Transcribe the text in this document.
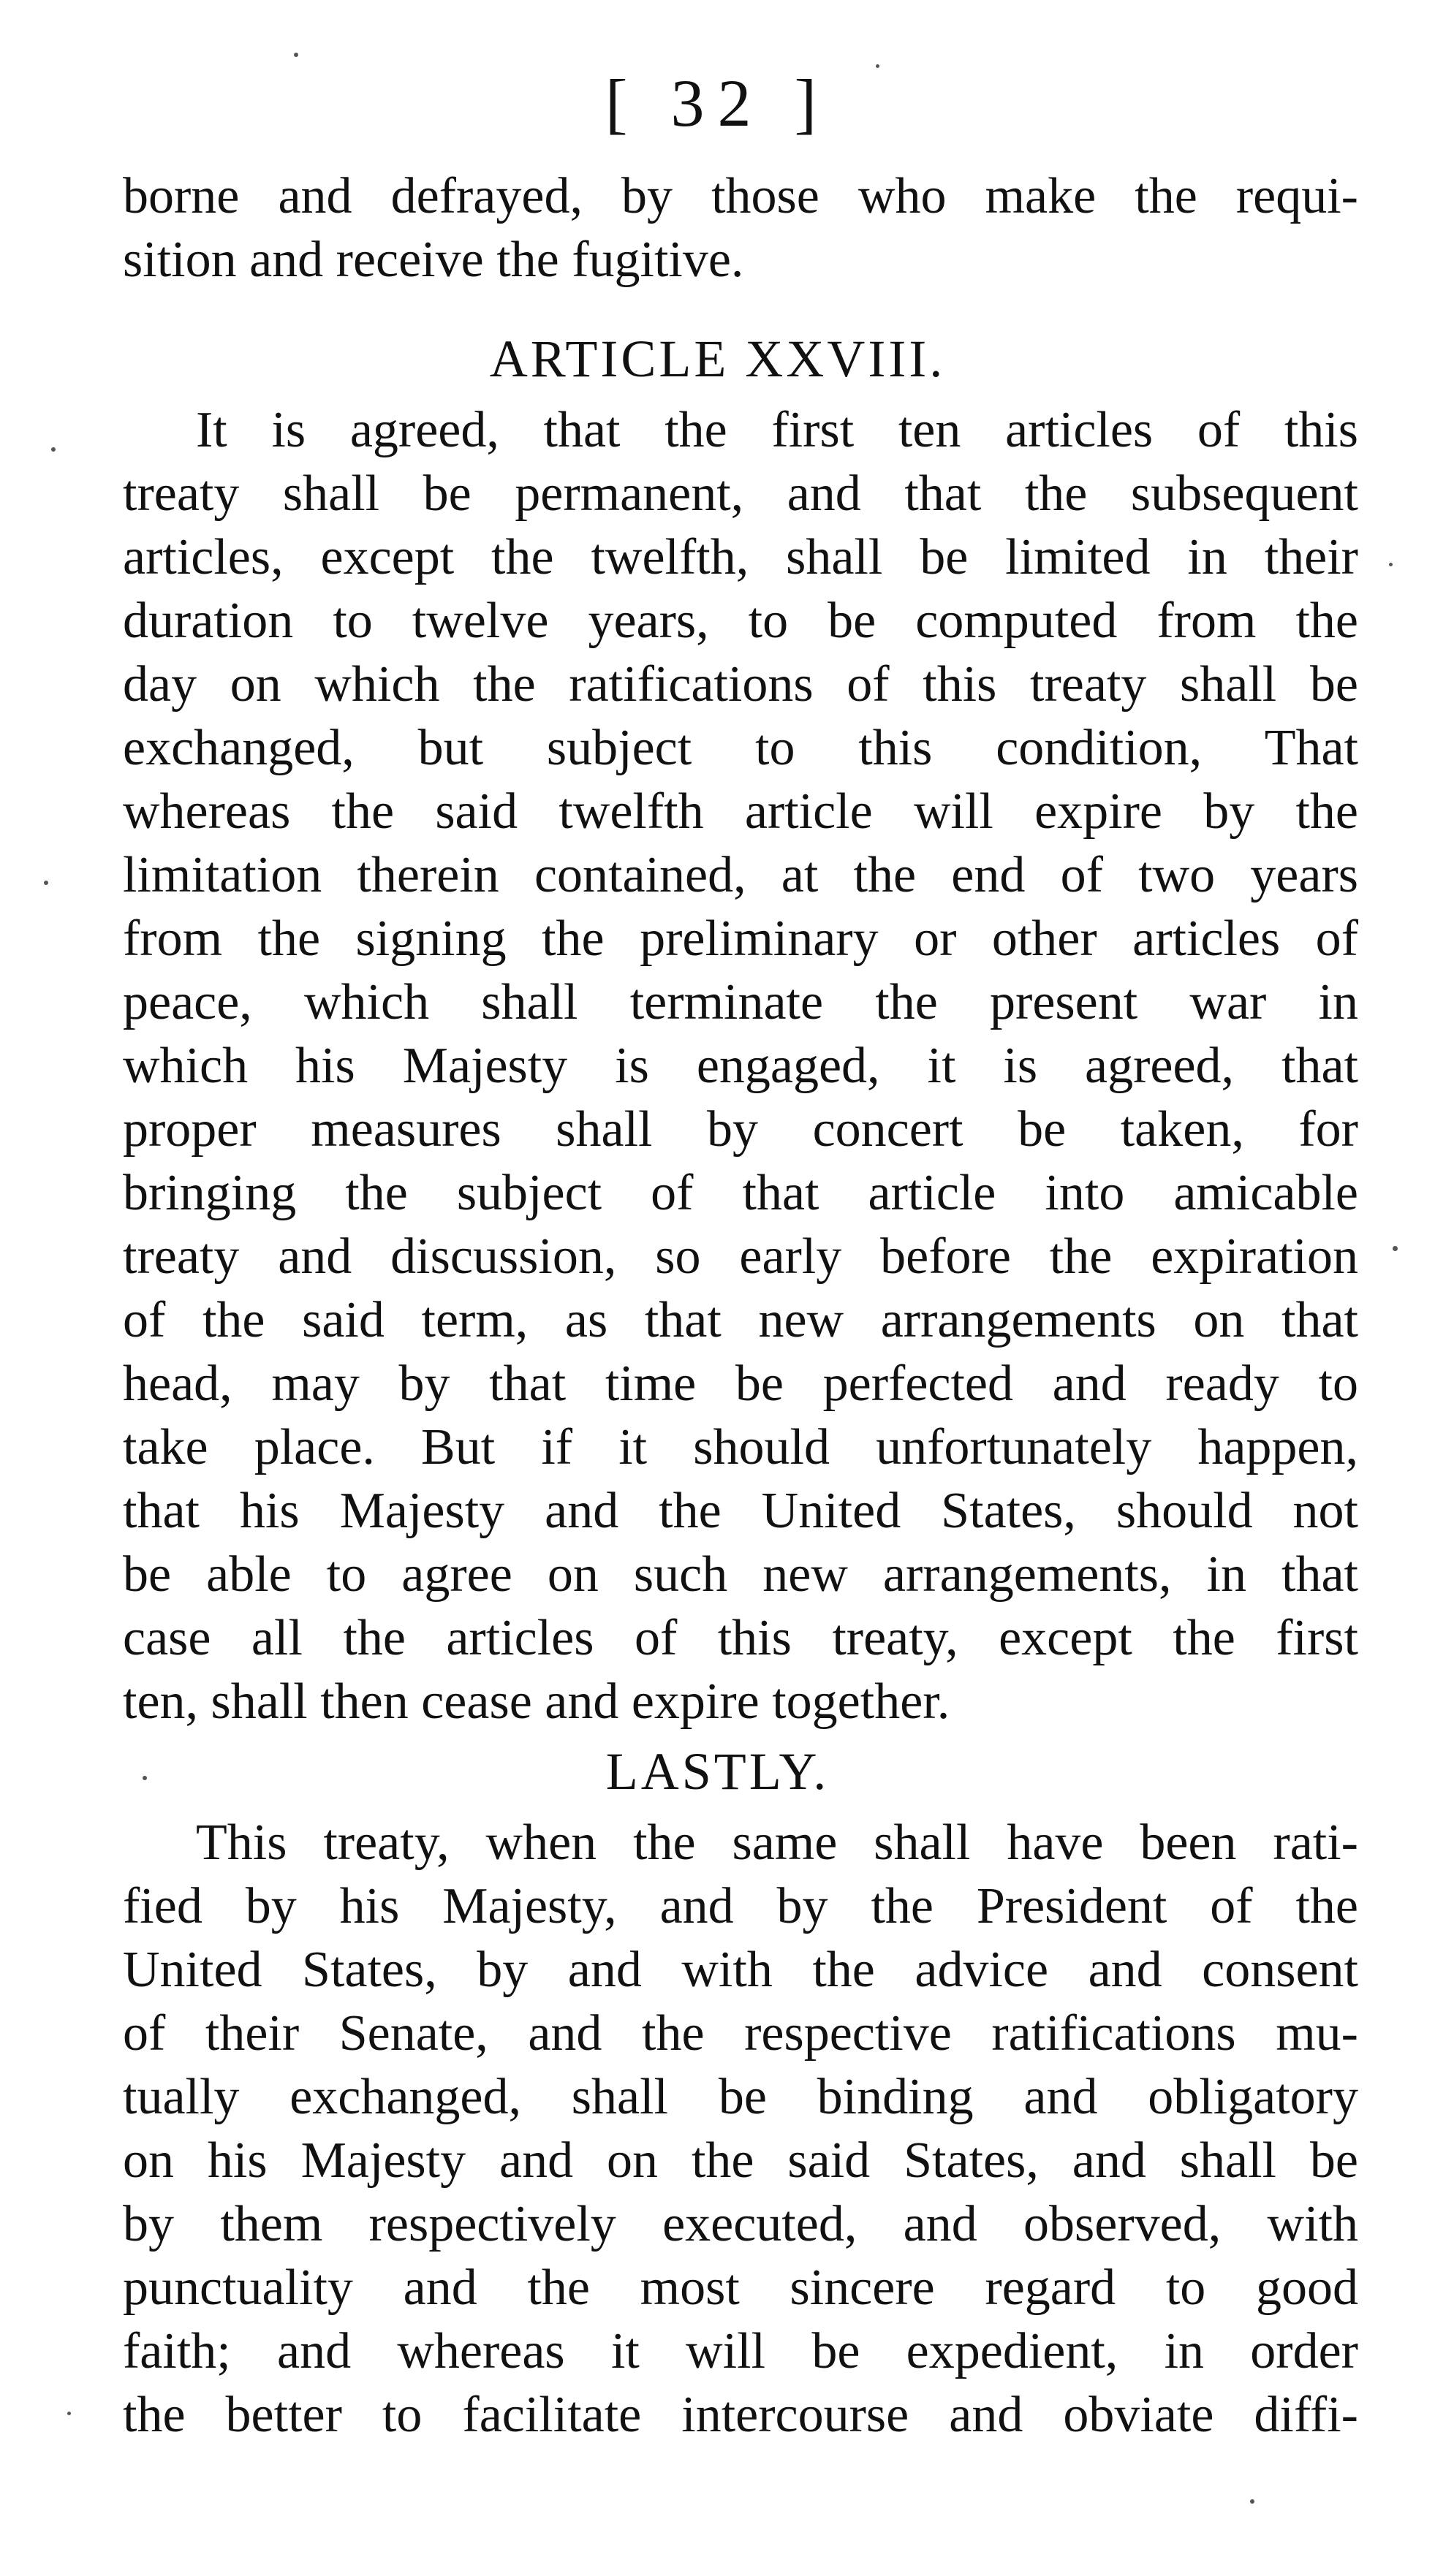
[ 32 ]
borne and defrayed, by those who make the requi-
sition and receive the fugitive.
ARTICLE XXVIII.
It is agreed, that the first ten articles of this
treaty shall be permanent, and that the subsequent
articles, except the twelfth, shall be limited in their
duration to twelve years, to be computed from the
day on which the ratifications of this treaty shall be
exchanged, but subject to this condition, That
whereas the said twelfth article will expire by the
limitation therein contained, at the end of two years
from the signing the preliminary or other articles of
peace, which shall terminate the present war in
which his Majesty is engaged, it is agreed, that
proper measures shall by concert be taken, for
bringing the subject of that article into amicable
treaty and discussion, so early before the expiration
of the said term, as that new arrangements on that
head, may by that time be perfected and ready to
take place. But if it should unfortunately happen,
that his Majesty and the United States, should not
be able to agree on such new arrangements, in that
case all the articles of this treaty, except the first
ten, shall then cease and expire together.
LASTLY.
This treaty, when the same shall have been rati-
fied by his Majesty, and by the President of the
United States, by and with the advice and consent
of their Senate, and the respective ratifications mu-
tually exchanged, shall be binding and obligatory
on his Majesty and on the said States, and shall be
by them respectively executed, and observed, with
punctuality and the most sincere regard to good
faith; and whereas it will be expedient, in order
the better to facilitate intercourse and obviate diffi-
